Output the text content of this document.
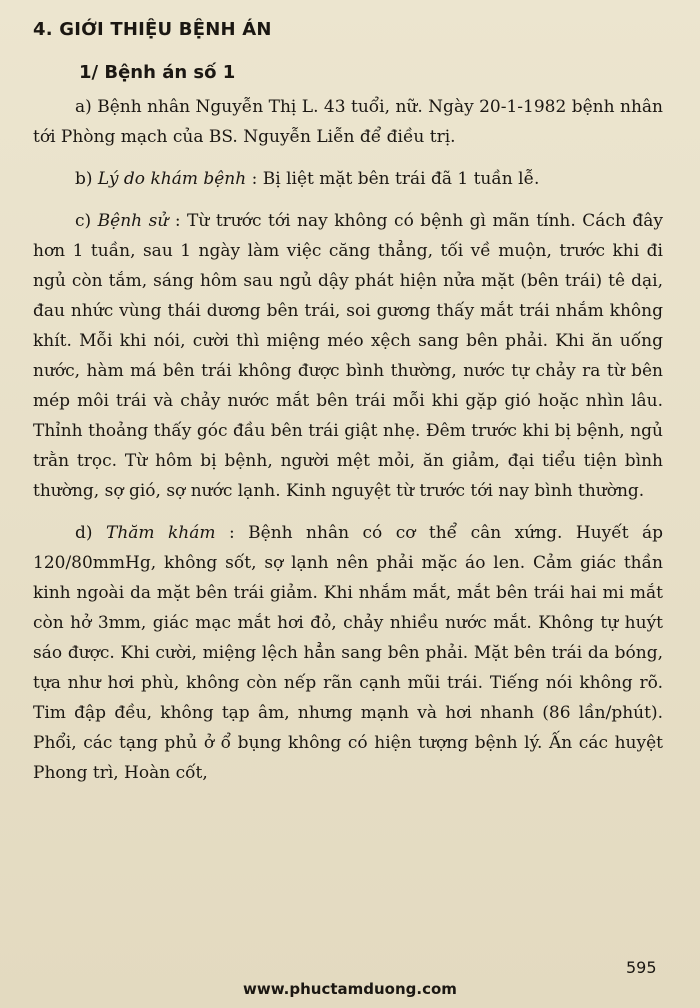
4. GIỚI THIỆU BỆNH ÁN
1/ Bệnh án số 1

a) Bệnh nhân Nguyễn Thị L. 43 tuổi, nữ. Ngày 20-1-1982 bệnh nhân tới Phòng mạch của BS. Nguyễn Liễn để điều trị.

b) Lý do khám bệnh : Bị liệt mặt bên trái đã 1 tuần lễ.

c) Bệnh sử : Từ trước tới nay không có bệnh gì mãn tính. Cách đây hơn 1 tuần, sau 1 ngày làm việc căng thẳng, tối về muộn, trước khi đi ngủ còn tắm, sáng hôm sau ngủ dậy phát hiện nửa mặt (bên trái) tê dại, đau nhức vùng thái dương bên trái, soi gương thấy mắt trái nhắm không khít. Mỗi khi nói, cười thì miệng méo xệch sang bên phải. Khi ăn uống nước, hàm má bên trái không được bình thường, nước tự chảy ra từ bên mép môi trái và chảy nước mắt bên trái mỗi khi gặp gió hoặc nhìn lâu. Thỉnh thoảng thấy góc đầu bên trái giật nhẹ. Đêm trước khi bị bệnh, ngủ trằn trọc. Từ hôm bị bệnh, người mệt mỏi, ăn giảm, đại tiểu tiện bình thường, sợ gió, sợ nước lạnh. Kinh nguyệt từ trước tới nay bình thường.

d) Thăm khám : Bệnh nhân có cơ thể cân xứng. Huyết áp 120/80mmHg, không sốt, sợ lạnh nên phải mặc áo len. Cảm giác thần kinh ngoài da mặt bên trái giảm. Khi nhắm mắt, mắt bên trái hai mi mắt còn hở 3mm, giác mạc mắt hơi đỏ, chảy nhiều nước mắt. Không tự huýt sáo được. Khi cười, miệng lệch hẳn sang bên phải. Mặt bên trái da bóng, tựa như hơi phù, không còn nếp rãn cạnh mũi trái. Tiếng nói không rõ. Tim đập đều, không tạp âm, nhưng mạnh và hơi nhanh (86 lần/phút). Phổi, các tạng phủ ở ổ bụng không có hiện tượng bệnh lý. Ấn các huyệt Phong trì, Hoàn cốt,

595
www.phuctamduong.com
